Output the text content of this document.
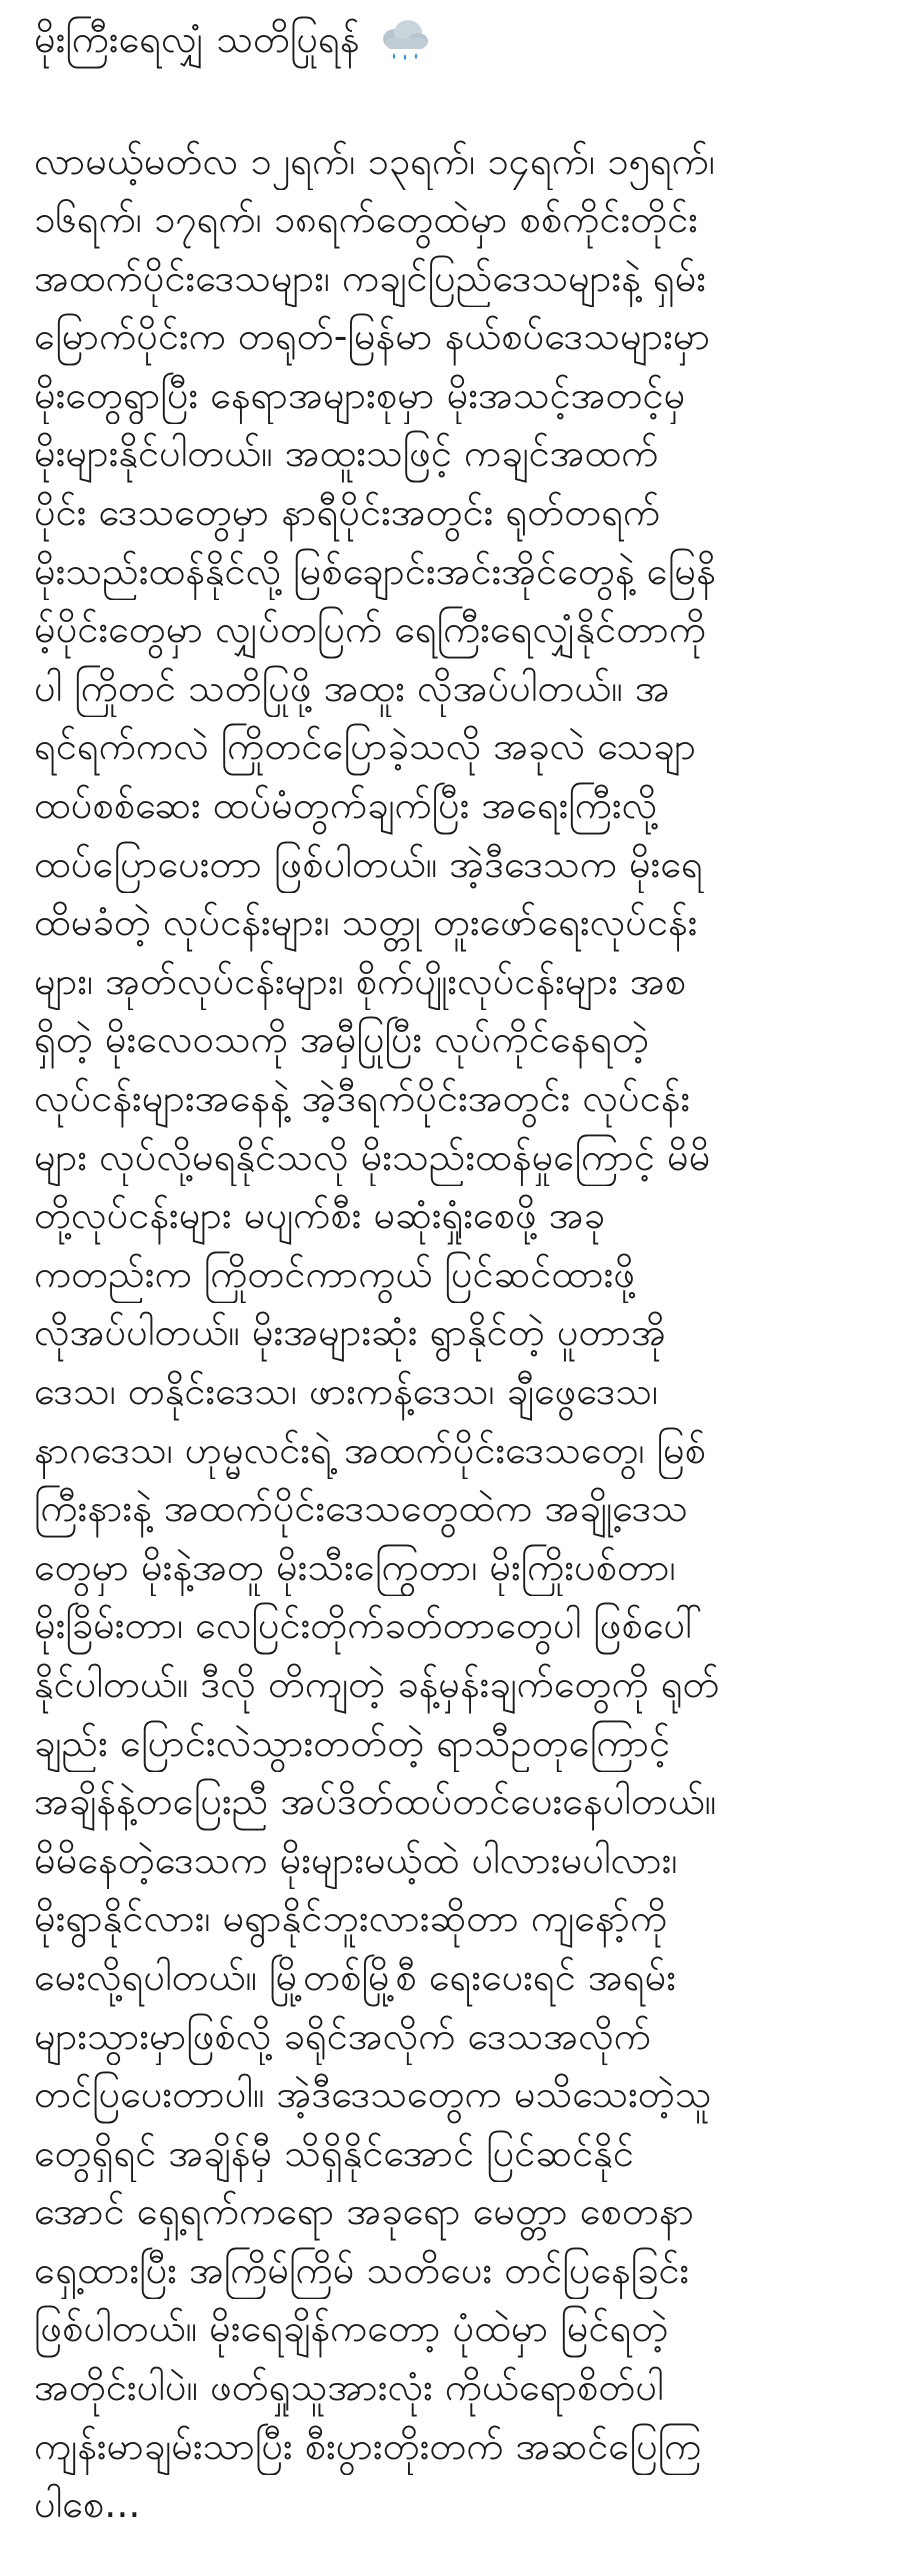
မိုးကြီးရေလျှံ သတိပြုရန်
လာမယ့်မတ်လ ၁၂ရက်၊ ၁၃ရက်၊ ၁၄ရက်၊ ၁၅ရက်၊
၁၆ရက်၊ ၁၇ရက်၊ ၁၈ရက်တွေထဲမှာ စစ်ကိုင်းတိုင်း
အထက်ပိုင်းဒေသများ၊ ကချင်ပြည်ဒေသများနဲ့ ရှမ်း
မြောက်ပိုင်းက တရုတ်-မြန်မာ နယ်စပ်ဒေသများမှာ
မိုးတွေရွာပြီး နေရာအများစုမှာ မိုးအသင့်အတင့်မှ
မိုးများနိုင်ပါတယ်။ အထူးသဖြင့် ကချင်အထက်
ပိုင်း ဒေသတွေမှာ နာရီပိုင်းအတွင်း ရုတ်တရက်
မိုးသည်းထန်နိုင်လို့ မြစ်ချောင်းအင်းအိုင်တွေနဲ့ မြေနိ
မ့်ပိုင်းတွေမှာ လျှပ်တပြက် ရေကြီးရေလျှံနိုင်တာကို
ပါ ကြိုတင် သတိပြုဖို့ အထူး လိုအပ်ပါတယ်။ အ
ရင်ရက်ကလဲ ကြိုတင်ပြောခဲ့သလို အခုလဲ သေချာ
ထပ်စစ်ဆေး ထပ်မံတွက်ချက်ပြီး အရေးကြီးလို့
ထပ်ပြောပေးတာ ဖြစ်ပါတယ်။ အဲ့ဒီဒေသက မိုးရေ
ထိမခံတဲ့ လုပ်ငန်းများ၊ သတ္တု တူးဖော်ရေးလုပ်ငန်း
များ၊ အုတ်လုပ်ငန်းများ၊ စိုက်ပျိုးလုပ်ငန်းများ အစ
ရှိတဲ့ မိုးလေဝသကို အမှီပြုပြီး လုပ်ကိုင်နေရတဲ့
လုပ်ငန်းများအနေနဲ့ အဲ့ဒီရက်ပိုင်းအတွင်း လုပ်ငန်း
များ လုပ်လို့မရနိုင်သလို မိုးသည်းထန်မှုကြောင့် မိမိ
တို့လုပ်ငန်းများ မပျက်စီး မဆုံးရှုံးစေဖို့ အခု
ကတည်းက ကြိုတင်ကာကွယ် ပြင်ဆင်ထားဖို့
လိုအပ်ပါတယ်။ မိုးအများဆုံး ရွာနိုင်တဲ့ ပူတာအို
ဒေသ၊ တနိုင်းဒေသ၊ ဖားကန့်ဒေသ၊ ချီဖွေဒေသ၊
နာဂဒေသ၊ ဟုမ္မလင်းရဲ့ အထက်ပိုင်းဒေသတွေ၊ မြစ်
ကြီးနားနဲ့ အထက်ပိုင်းဒေသတွေထဲက အချို့ဒေသ
တွေမှာ မိုးနဲ့အတူ မိုးသီးကြွေတာ၊ မိုးကြိုးပစ်တာ၊
မိုးခြိမ်းတာ၊ လေပြင်းတိုက်ခတ်တာတွေပါ ဖြစ်ပေါ်
နိုင်ပါတယ်။ ဒီလို တိကျတဲ့ ခန့်မှန်းချက်တွေကို ရုတ်
ချည်း ပြောင်းလဲသွားတတ်တဲ့ ရာသီဥတုကြောင့်
အချိန်နဲ့တပြေးညီ အပ်ဒိတ်ထပ်တင်ပေးနေပါတယ်။
မိမိနေတဲ့ဒေသက မိုးများမယ့်ထဲ ပါလားမပါလား၊
မိုးရွာနိုင်လား၊ မရွာနိုင်ဘူးလားဆိုတာ ကျနော့်ကို
မေးလို့ရပါတယ်။ မြို့တစ်မြို့စီ ရေးပေးရင် အရမ်း
များသွားမှာဖြစ်လို့ ခရိုင်အလိုက် ဒေသအလိုက်
တင်ပြပေးတာပါ။ အဲ့ဒီဒေသတွေက မသိသေးတဲ့သူ
တွေရှိရင် အချိန်မှီ သိရှိနိုင်အောင် ပြင်ဆင်နိုင်
အောင် ရှေ့ရက်ကရော အခုရော မေတ္တာ စေတနာ
ရှေ့ထားပြီး အကြိမ်ကြိမ် သတိပေး တင်ပြနေခြင်း
ဖြစ်ပါတယ်။ မိုးရေချိန်ကတော့ ပုံထဲမှာ မြင်ရတဲ့
အတိုင်းပါပဲ။ ဖတ်ရှုသူအားလုံး ကိုယ်ရောစိတ်ပါ
ကျန်းမာချမ်းသာပြီး စီးပွားတိုးတက် အဆင်ပြေကြ
ပါစေ...
